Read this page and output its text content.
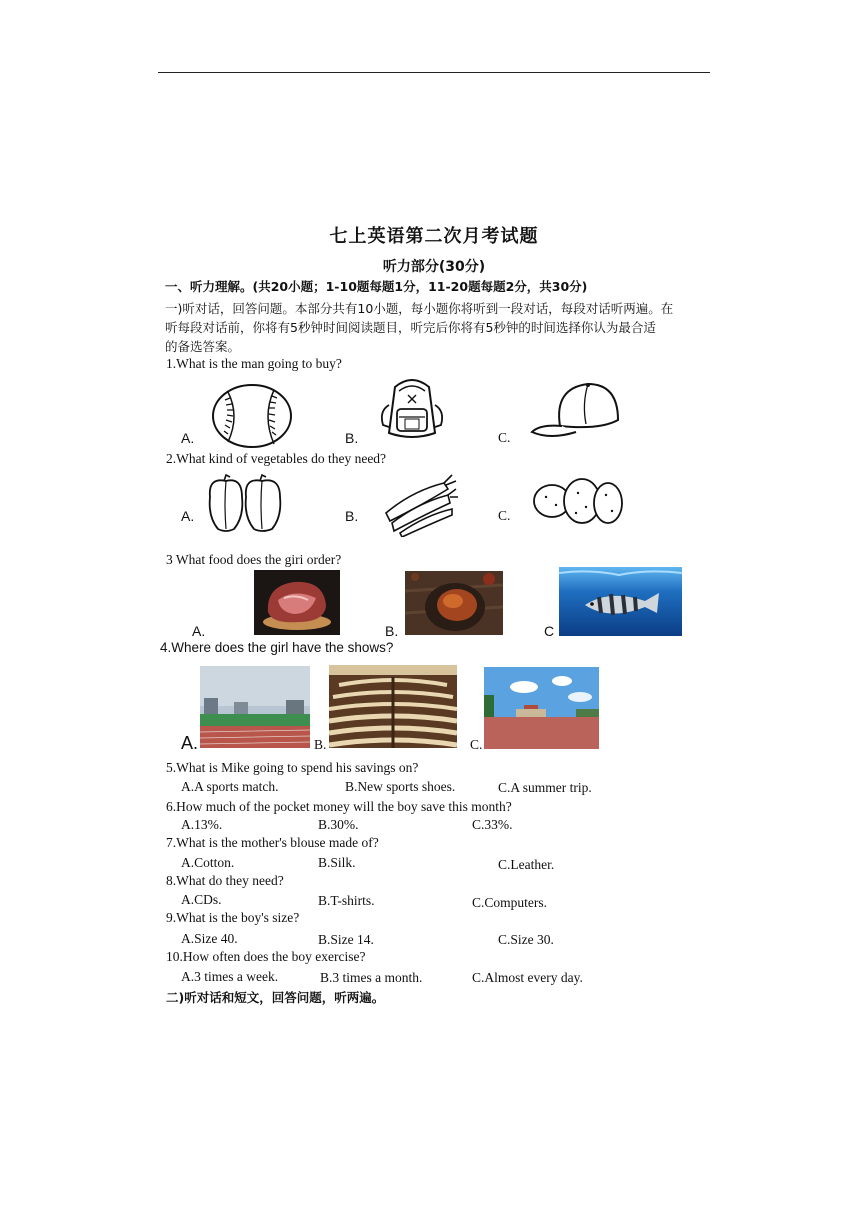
七上英语第二次月考试题
听力部分(30分)
一、听力理解。(共20小题；1-10题每题1分，11-20题每题2分，共30分)
一)听对话，回答问题。本部分共有10小题，每小题你将听到一段对话，每段对话听两遍。在
听每段对话前，你将有5秒钟时间阅读题目，听完后你将有5秒钟的时间选择你认为最合适
的备选答案。
1.What is the man going to buy?
A.	B.	C.
2.What kind of vegetables do they need?
A.	B.	C.
3 What food does the giri order?
A.	B.	C
4.Where does the girl have the shows?
A.	B.	C.
5.What is Mike going to spend his savings on?
A.A sports match.	B.New sports shoes.	C.A summer trip.
6.How much of the pocket money will the boy save this month?
A.13%.	B.30%.	C.33%.
7.What is the mother's blouse made of?
A.Cotton.	B.Silk.	C.Leather.
8.What do they need?
A.CDs.	B.T-shirts.	C.Computers.
9.What is the boy's size?
A.Size 40.	B.Size 14.	C.Size 30.
10.How often does the boy exercise?
A.3 times a week.	B.3 times a month.	C.Almost every day.
二)听对话和短文，回答问题，听两遍。
